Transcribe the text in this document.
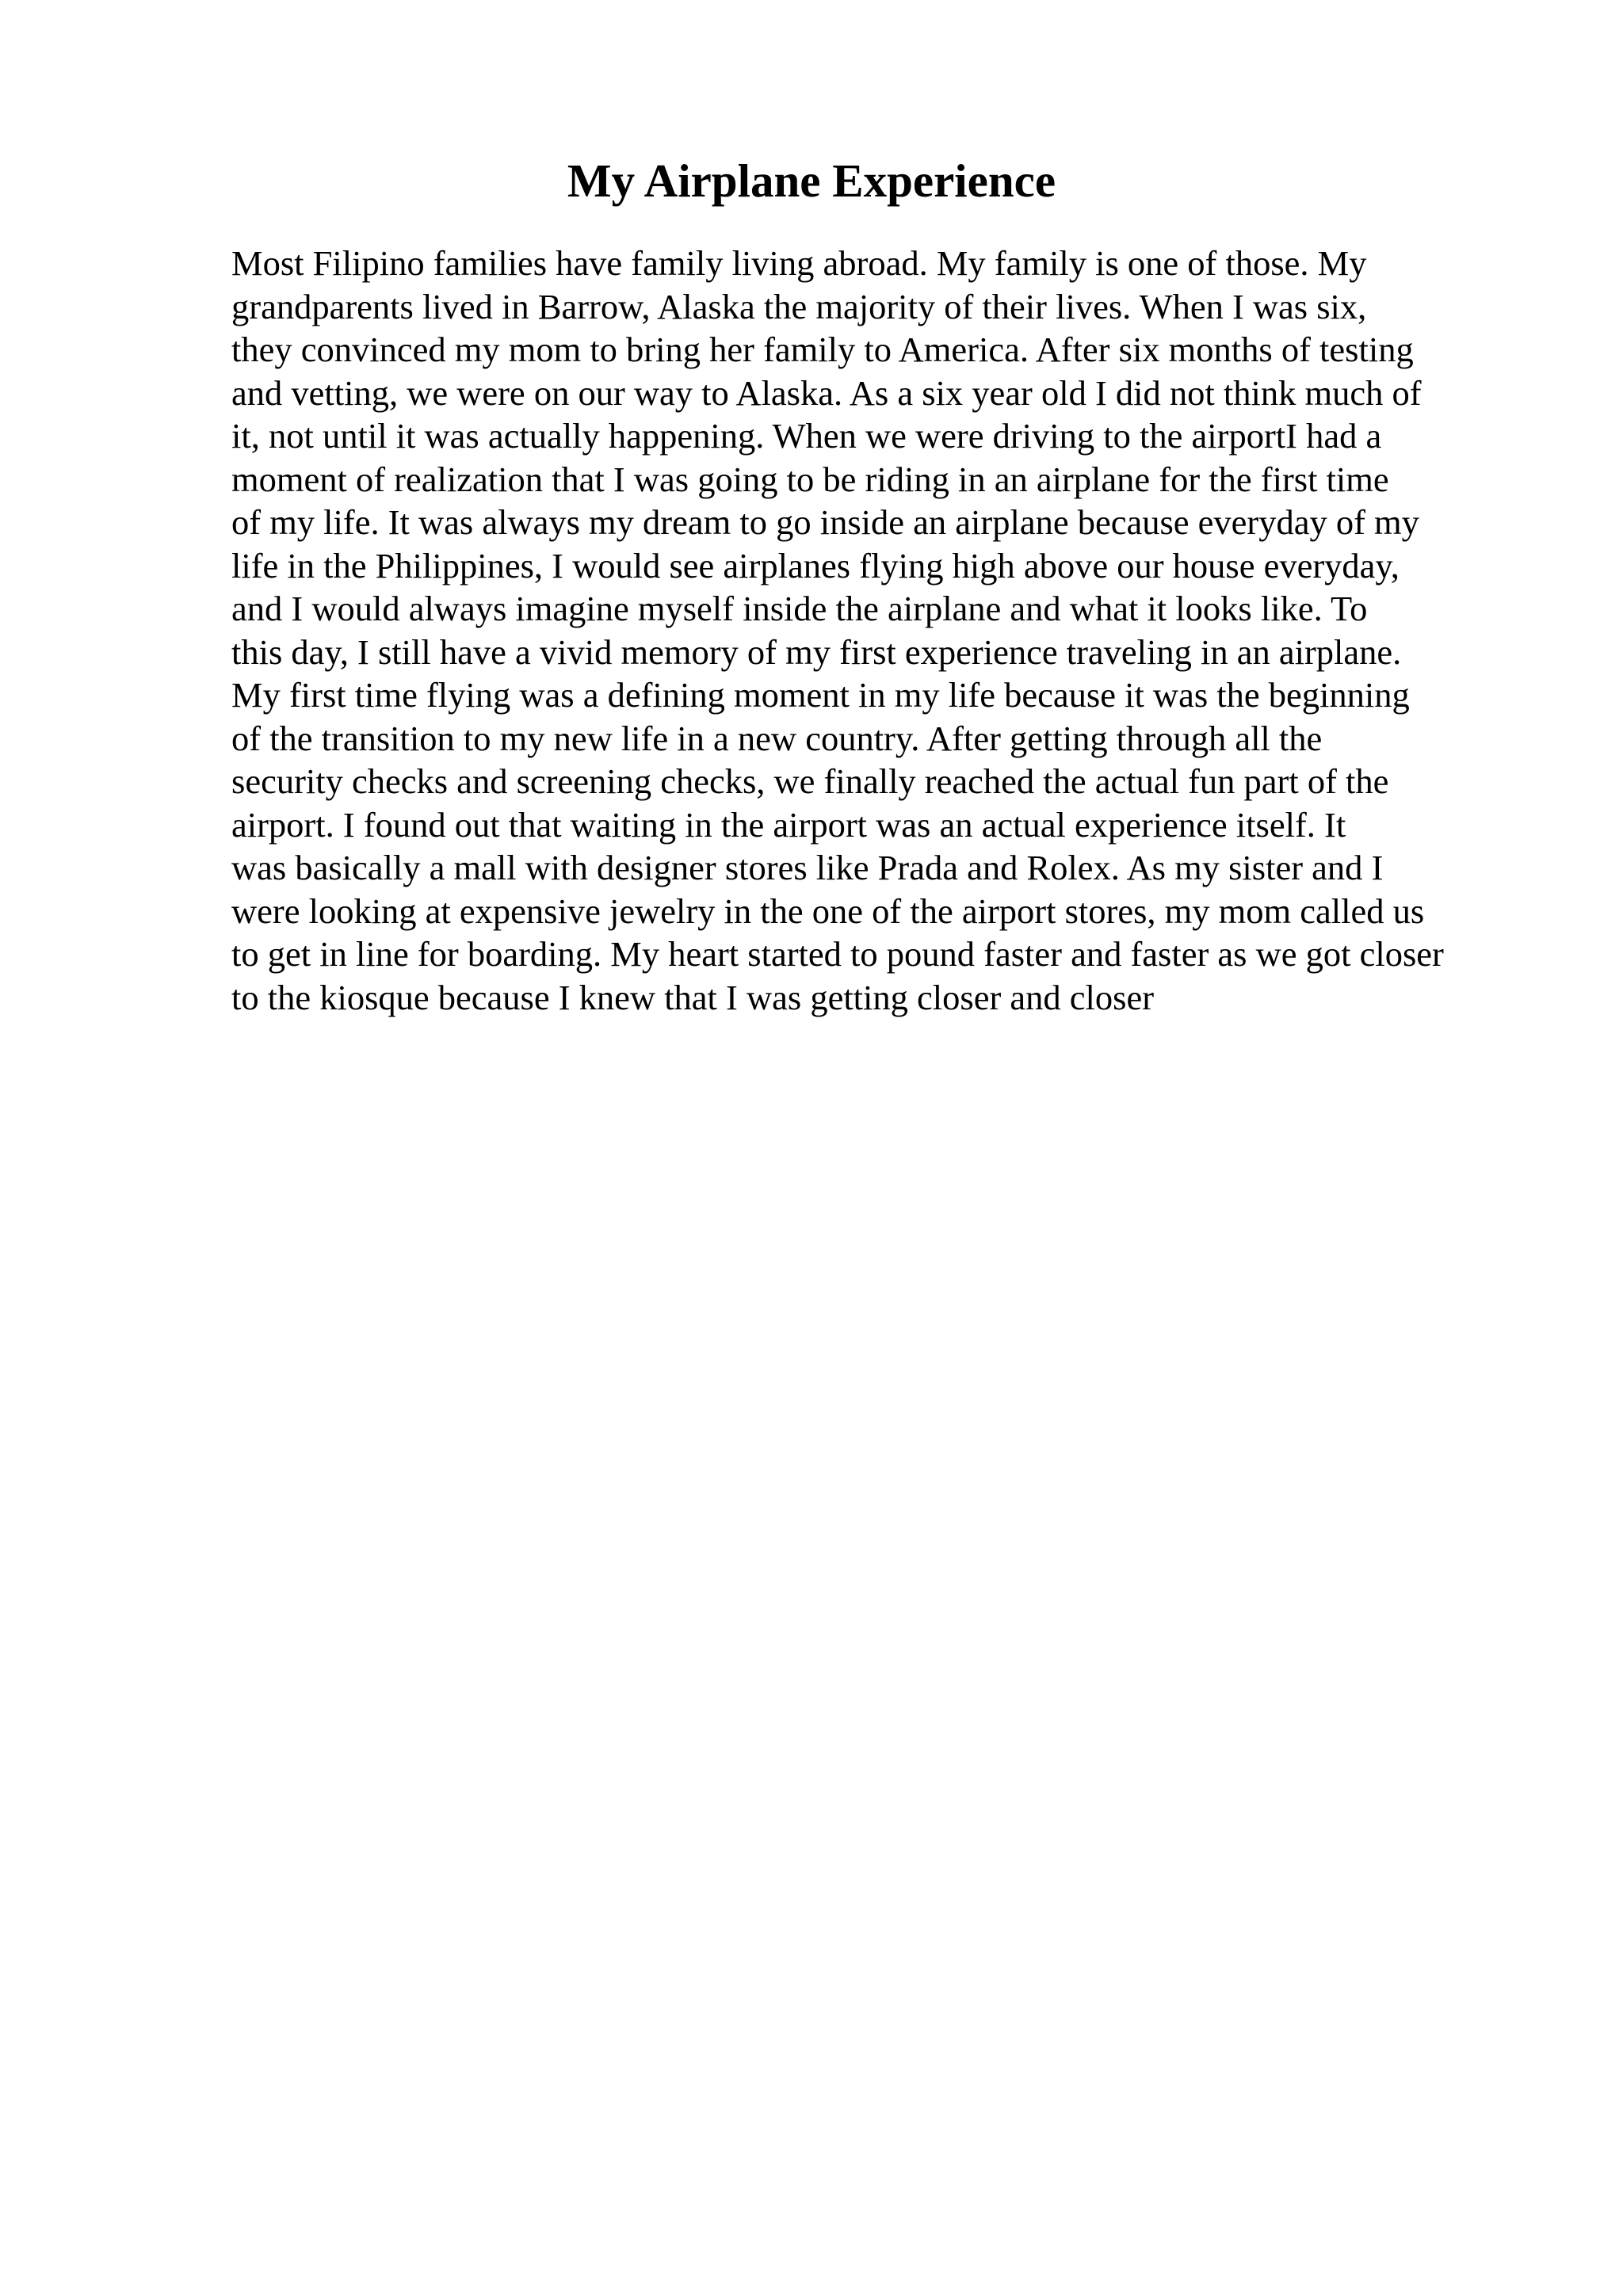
My Airplane Experience
Most Filipino families have family living abroad. My family is one of those. My
grandparents lived in Barrow, Alaska the majority of their lives. When I was six,
they convinced my mom to bring her family to America. After six months of testing
and vetting, we were on our way to Alaska. As a six year old I did not think much of
it, not until it was actually happening. When we were driving to the airportI had a
moment of realization that I was going to be riding in an airplane for the first time
of my life. It was always my dream to go inside an airplane because everyday of my
life in the Philippines, I would see airplanes flying high above our house everyday,
and I would always imagine myself inside the airplane and what it looks like. To
this day, I still have a vivid memory of my first experience traveling in an airplane.
My first time flying was a defining moment in my life because it was the beginning
of the transition to my new life in a new country. After getting through all the
security checks and screening checks, we finally reached the actual fun part of the
airport. I found out that waiting in the airport was an actual experience itself. It
was basically a mall with designer stores like Prada and Rolex. As my sister and I
were looking at expensive jewelry in the one of the airport stores, my mom called us
to get in line for boarding. My heart started to pound faster and faster as we got closer
to the kiosque because I knew that I was getting closer and closer
